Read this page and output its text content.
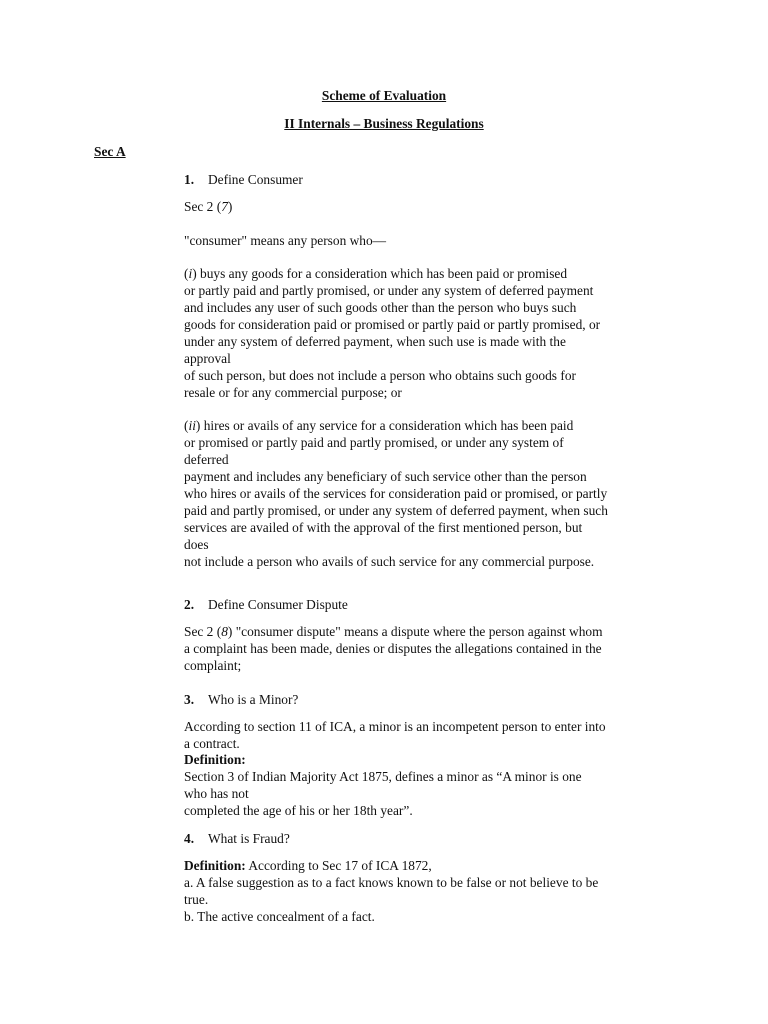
Scheme of Evaluation
II Internals – Business Regulations
Sec A
1. Define Consumer
Sec 2 (7)
"consumer" means any person who—
(i) buys any goods for a consideration which has been paid or promised
or partly paid and partly promised, or under any system of deferred payment
and includes any user of such goods other than the person who buys such
goods for consideration paid or promised or partly paid or partly promised, or
under any system of deferred payment, when such use is made with the
approval
of such person, but does not include a person who obtains such goods for
resale or for any commercial purpose; or
(ii) hires or avails of any service for a consideration which has been paid
or promised or partly paid and partly promised, or under any system of
deferred
payment and includes any beneficiary of such service other than the person
who hires or avails of the services for consideration paid or promised, or partly
paid and partly promised, or under any system of deferred payment, when such
services are availed of with the approval of the first mentioned person, but
does
not include a person who avails of such service for any commercial purpose.
2. Define Consumer Dispute
Sec 2 (8) "consumer dispute" means a dispute where the person against whom
a complaint has been made, denies or disputes the allegations contained in the
complaint;
3. Who is a Minor?
According to section 11 of ICA, a minor is an incompetent person to enter into
a contract.
Definition:
Section 3 of Indian Majority Act 1875, defines a minor as “A minor is one
who has not
completed the age of his or her 18th year”.
4. What is Fraud?
Definition: According to Sec 17 of ICA 1872,
a. A false suggestion as to a fact knows known to be false or not believe to be
true.
b. The active concealment of a fact.
